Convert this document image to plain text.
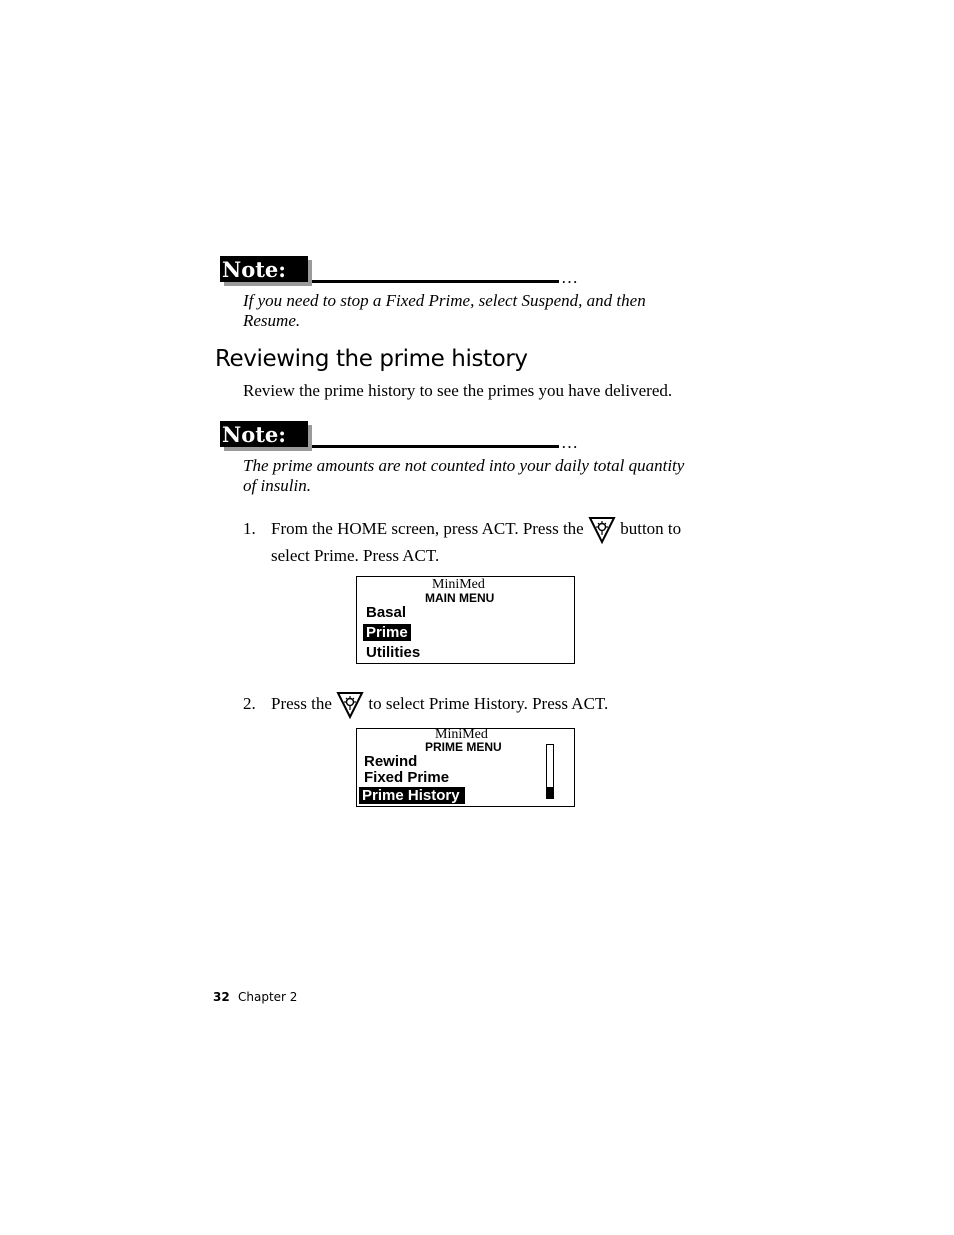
Note:	…
If you need to stop a Fixed Prime, select Suspend, and then
Resume.
Reviewing the prime history
Review the prime history to see the primes you have delivered.
Note:	…
The prime amounts are not counted into your daily total quantity
of insulin.
1. From the HOME screen, press ACT. Press the button to
select Prime. Press ACT.
MiniMed
MAIN MENU
Basal
Prime
Utilities
2. Press the to select Prime History. Press ACT.
MiniMed
PRIME MENU
Rewind
Fixed Prime
Prime History
32 Chapter 2
